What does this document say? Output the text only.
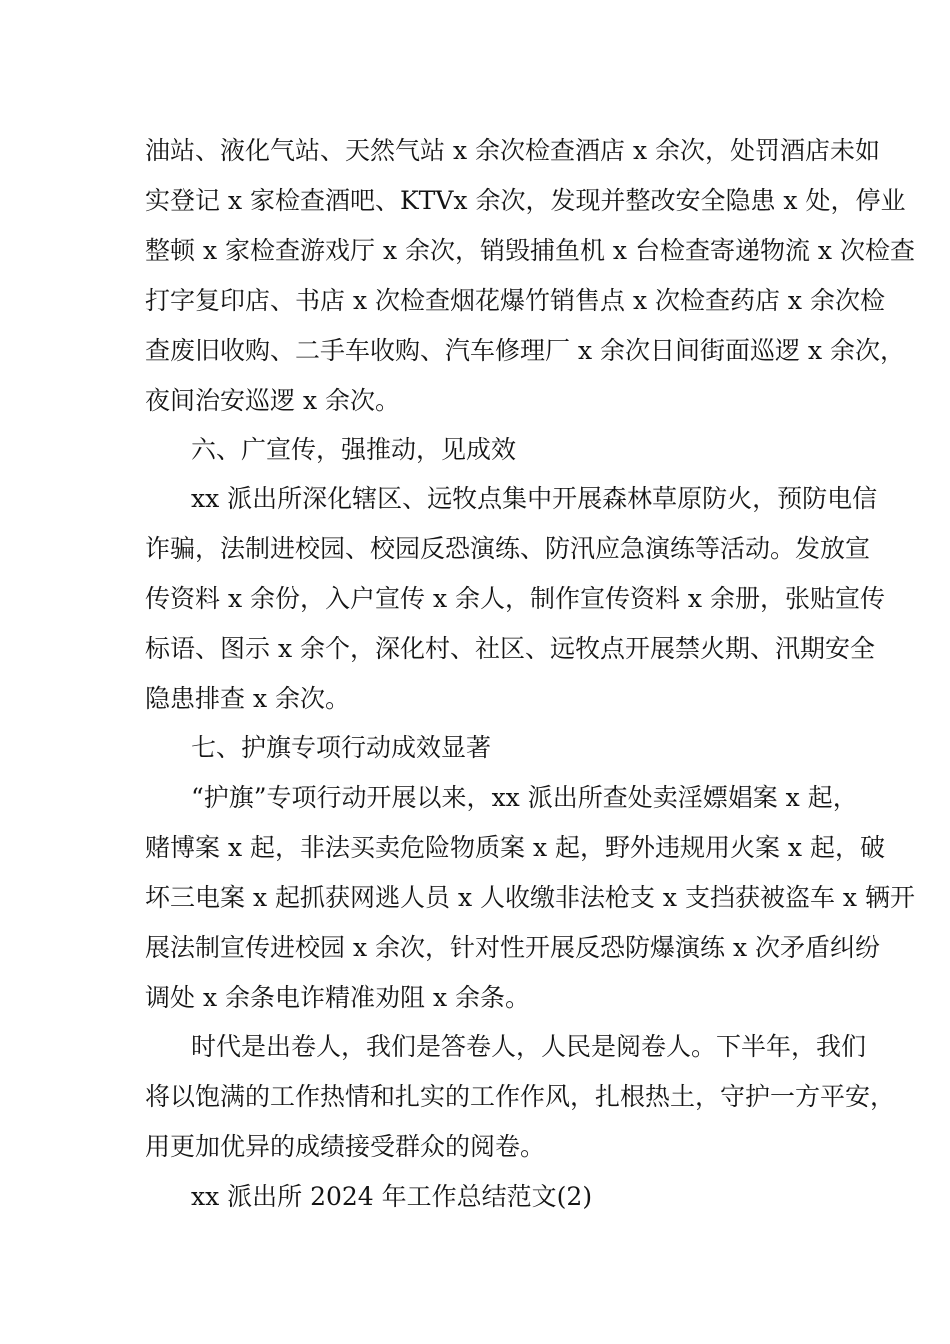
油站、液化气站、天然气站 x 余次检查酒店 x 余次，处罚酒店未如
实登记 x 家检查酒吧、KTVx 余次，发现并整改安全隐患 x 处，停业
整顿 x 家检查游戏厅 x 余次，销毁捕鱼机 x 台检查寄递物流 x 次检查
打字复印店、书店 x 次检查烟花爆竹销售点 x 次检查药店 x 余次检
查废旧收购、二手车收购、汽车修理厂 x 余次日间街面巡逻 x 余次，
夜间治安巡逻 x 余次。
六、广宣传，强推动，见成效
xx 派出所深化辖区、远牧点集中开展森林草原防火，预防电信
诈骗，法制进校园、校园反恐演练、防汛应急演练等活动。发放宣
传资料 x 余份，入户宣传 x 余人，制作宣传资料 x 余册，张贴宣传
标语、图示 x 余个，深化村、社区、远牧点开展禁火期、汛期安全
隐患排查 x 余次。
七、护旗专项行动成效显著
“护旗”专项行动开展以来，xx 派出所查处卖淫嫖娼案 x 起，
赌博案 x 起，非法买卖危险物质案 x 起，野外违规用火案 x 起，破
坏三电案 x 起抓获网逃人员 x 人收缴非法枪支 x 支挡获被盗车 x 辆开
展法制宣传进校园 x 余次，针对性开展反恐防爆演练 x 次矛盾纠纷
调处 x 余条电诈精准劝阻 x 余条。
时代是出卷人，我们是答卷人，人民是阅卷人。下半年，我们
将以饱满的工作热情和扎实的工作作风，扎根热土，守护一方平安，
用更加优异的成绩接受群众的阅卷。
xx 派出所 2024 年工作总结范文(2)
